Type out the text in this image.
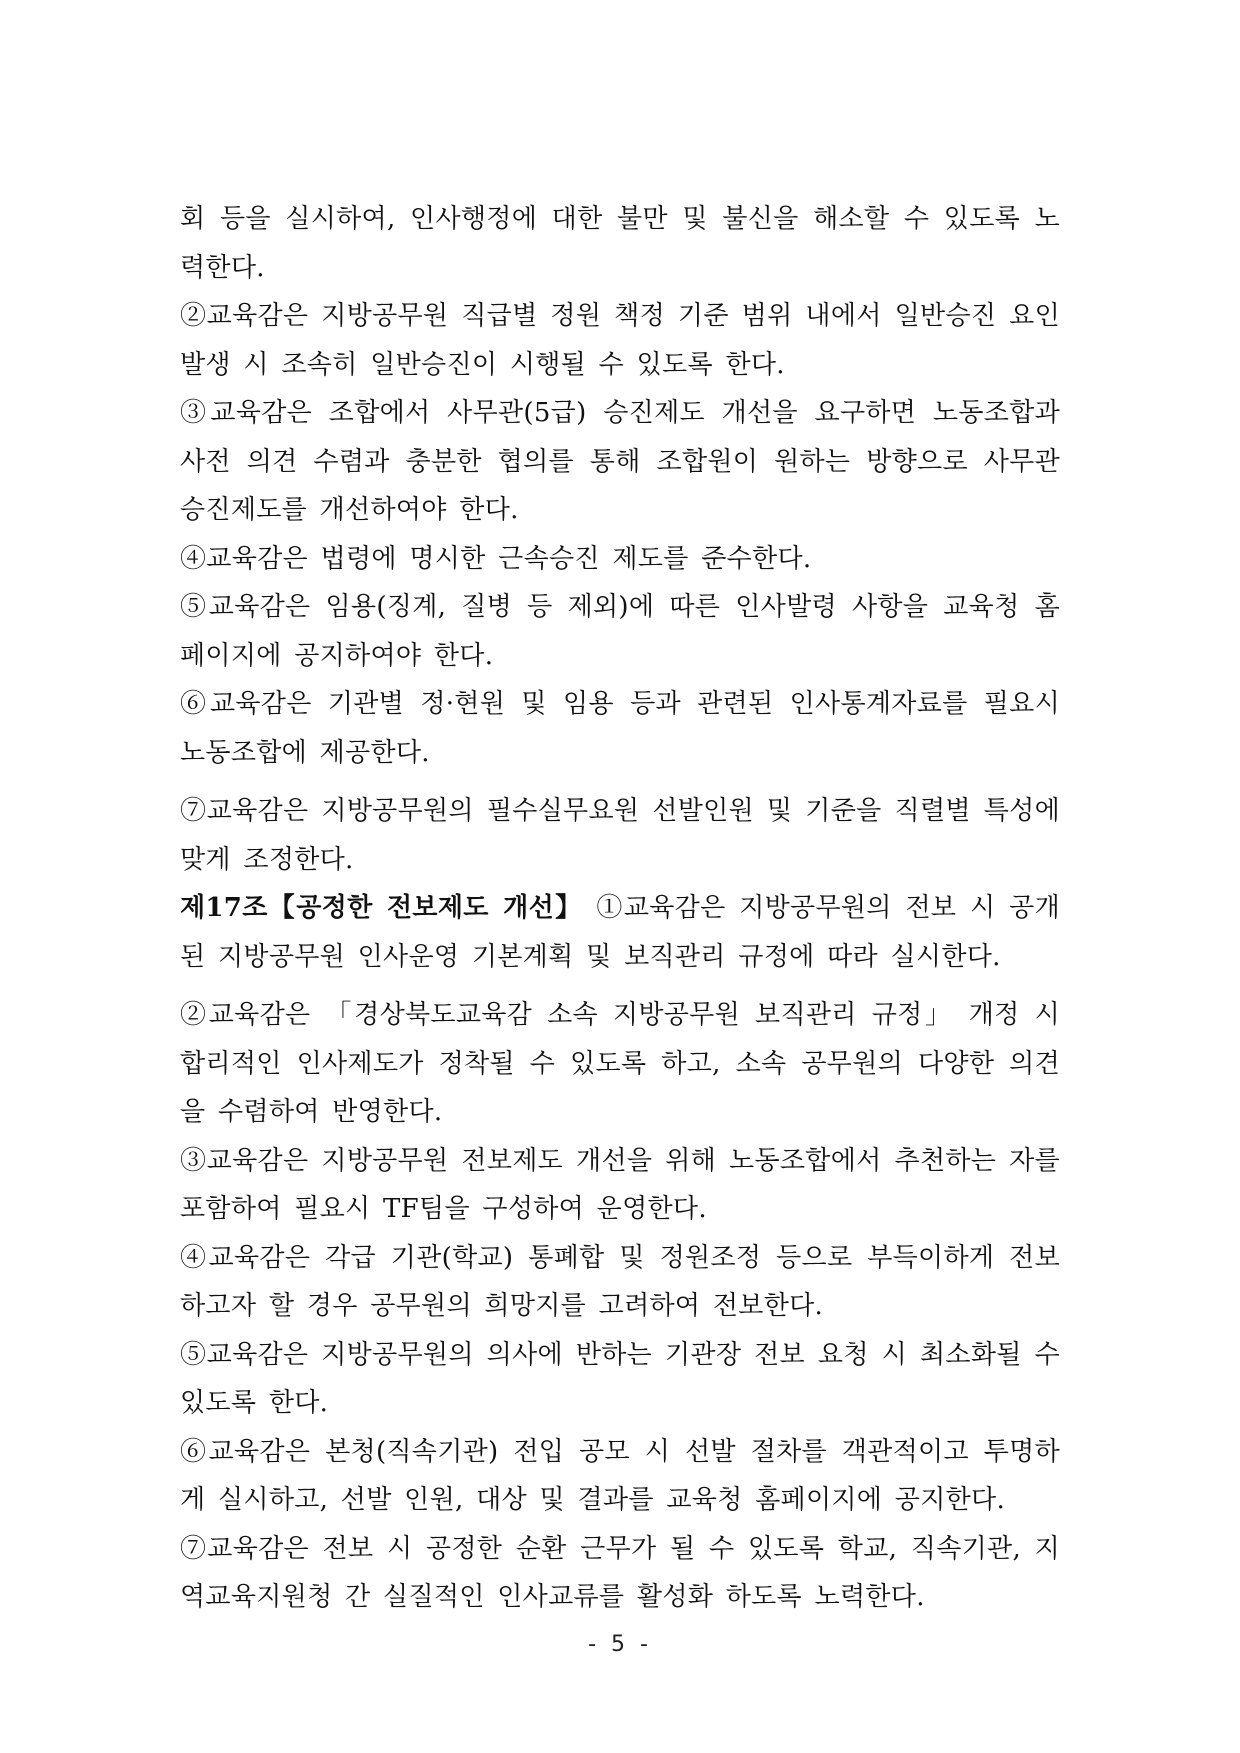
회 등을 실시하여, 인사행정에 대한 불만 및 불신을 해소할 수 있도록 노력한다.

②교육감은 지방공무원 직급별 정원 책정 기준 범위 내에서 일반승진 요인 발생 시 조속히 일반승진이 시행될 수 있도록 한다.

③교육감은 조합에서 사무관(5급) 승진제도 개선을 요구하면 노동조합과 사전 의견 수렴과 충분한 협의를 통해 조합원이 원하는 방향으로 사무관 승진제도를 개선하여야 한다.

④교육감은 법령에 명시한 근속승진 제도를 준수한다.

⑤교육감은 임용(징계, 질병 등 제외)에 따른 인사발령 사항을 교육청 홈페이지에 공지하여야 한다.

⑥교육감은 기관별 정·현원 및 임용 등과 관련된 인사통계자료를 필요시 노동조합에 제공한다.

⑦교육감은 지방공무원의 필수실무요원 선발인원 및 기준을 직렬별 특성에 맞게 조정한다.

제17조【공정한 전보제도 개선】 ①교육감은 지방공무원의 전보 시 공개된 지방공무원 인사운영 기본계획 및 보직관리 규정에 따라 실시한다.

②교육감은 「경상북도교육감 소속 지방공무원 보직관리 규정」 개정 시 합리적인 인사제도가 정착될 수 있도록 하고, 소속 공무원의 다양한 의견을 수렴하여 반영한다.

③교육감은 지방공무원 전보제도 개선을 위해 노동조합에서 추천하는 자를 포함하여 필요시 TF팀을 구성하여 운영한다.

④교육감은 각급 기관(학교) 통폐합 및 정원조정 등으로 부득이하게 전보하고자 할 경우 공무원의 희망지를 고려하여 전보한다.

⑤교육감은 지방공무원의 의사에 반하는 기관장 전보 요청 시 최소화될 수 있도록 한다.

⑥교육감은 본청(직속기관) 전입 공모 시 선발 절차를 객관적이고 투명하게 실시하고, 선발 인원, 대상 및 결과를 교육청 홈페이지에 공지한다.

⑦교육감은 전보 시 공정한 순환 근무가 될 수 있도록 학교, 직속기관, 지역교육지원청 간 실질적인 인사교류를 활성화 하도록 노력한다.

- 5 -
